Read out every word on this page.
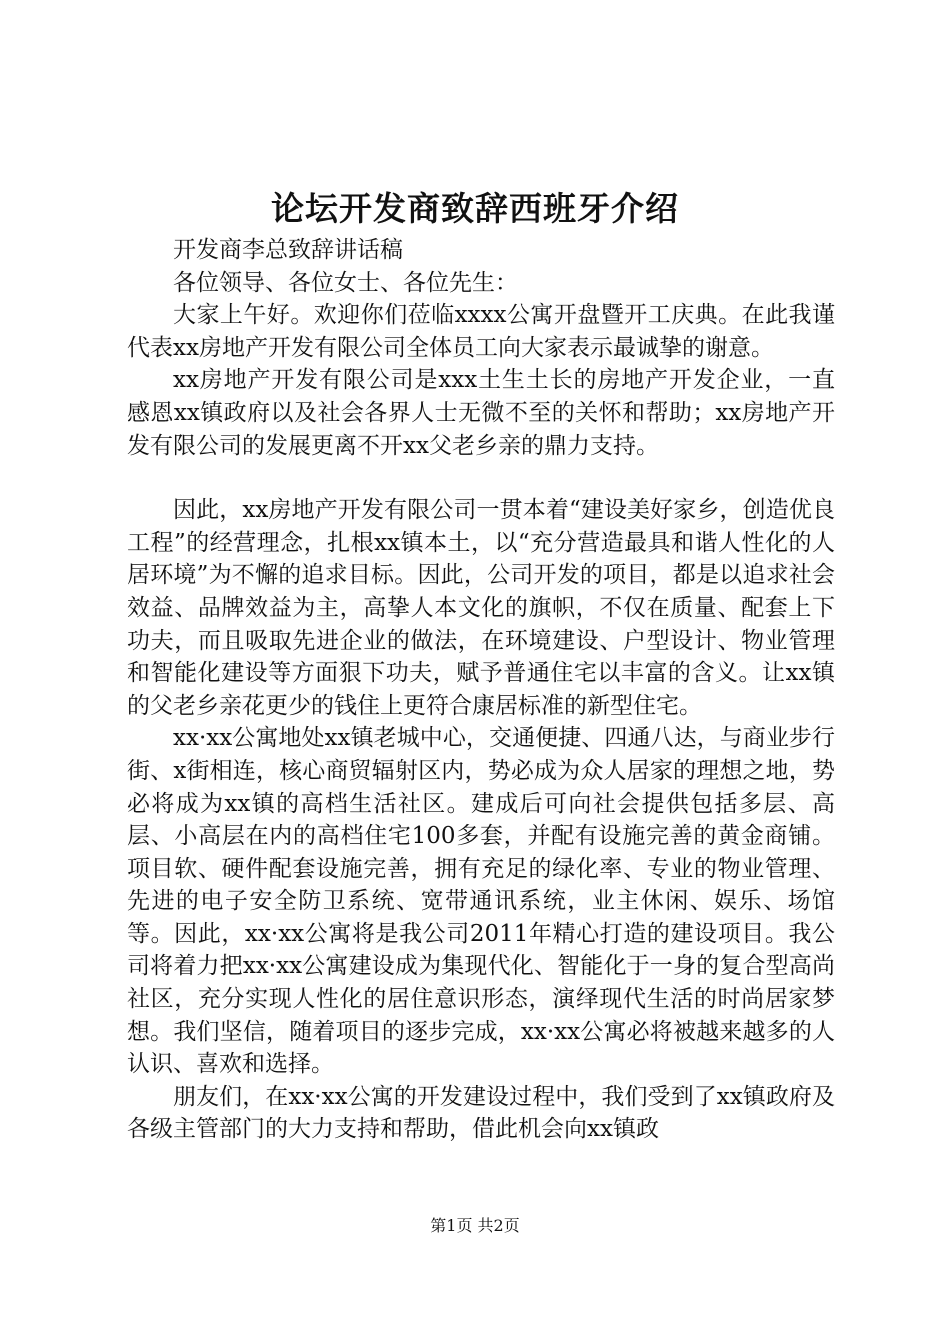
论坛开发商致辞西班牙介绍

开发商李总致辞讲话稿

各位领导、各位女士、各位先生：

大家上午好。欢迎你们莅临xxxx公寓开盘暨开工庆典。在此我谨代表xx房地产开发有限公司全体员工向大家表示最诚挚的谢意。

xx房地产开发有限公司是xxx土生土长的房地产开发企业，一直感恩xx镇政府以及社会各界人士无微不至的关怀和帮助；xx房地产开发有限公司的发展更离不开xx父老乡亲的鼎力支持。

因此，xx房地产开发有限公司一贯本着“建设美好家乡，创造优良工程”的经营理念，扎根xx镇本土，以“充分营造最具和谐人性化的人居环境”为不懈的追求目标。因此，公司开发的项目，都是以追求社会效益、品牌效益为主，高挚人本文化的旗帜，不仅在质量、配套上下功夫，而且吸取先进企业的做法，在环境建设、户型设计、物业管理和智能化建设等方面狠下功夫，赋予普通住宅以丰富的含义。让xx镇的父老乡亲花更少的钱住上更符合康居标准的新型住宅。

xx·xx公寓地处xx镇老城中心，交通便捷、四通八达，与商业步行街、x街相连，核心商贸辐射区内，势必成为众人居家的理想之地，势必将成为xx镇的高档生活社区。建成后可向社会提供包括多层、高层、小高层在内的高档住宅100多套，并配有设施完善的黄金商铺。项目软、硬件配套设施完善，拥有充足的绿化率、专业的物业管理、先进的电子安全防卫系统、宽带通讯系统，业主休闲、娱乐、场馆等。因此，xx·xx公寓将是我公司2011年精心打造的建设项目。我公司将着力把xx·xx公寓建设成为集现代化、智能化于一身的复合型高尚社区，充分实现人性化的居住意识形态，演绎现代生活的时尚居家梦想。我们坚信，随着项目的逐步完成，xx·xx公寓必将被越来越多的人认识、喜欢和选择。

朋友们，在xx·xx公寓的开发建设过程中，我们受到了xx镇政府及各级主管部门的大力支持和帮助，借此机会向xx镇政

第1页 共2页
